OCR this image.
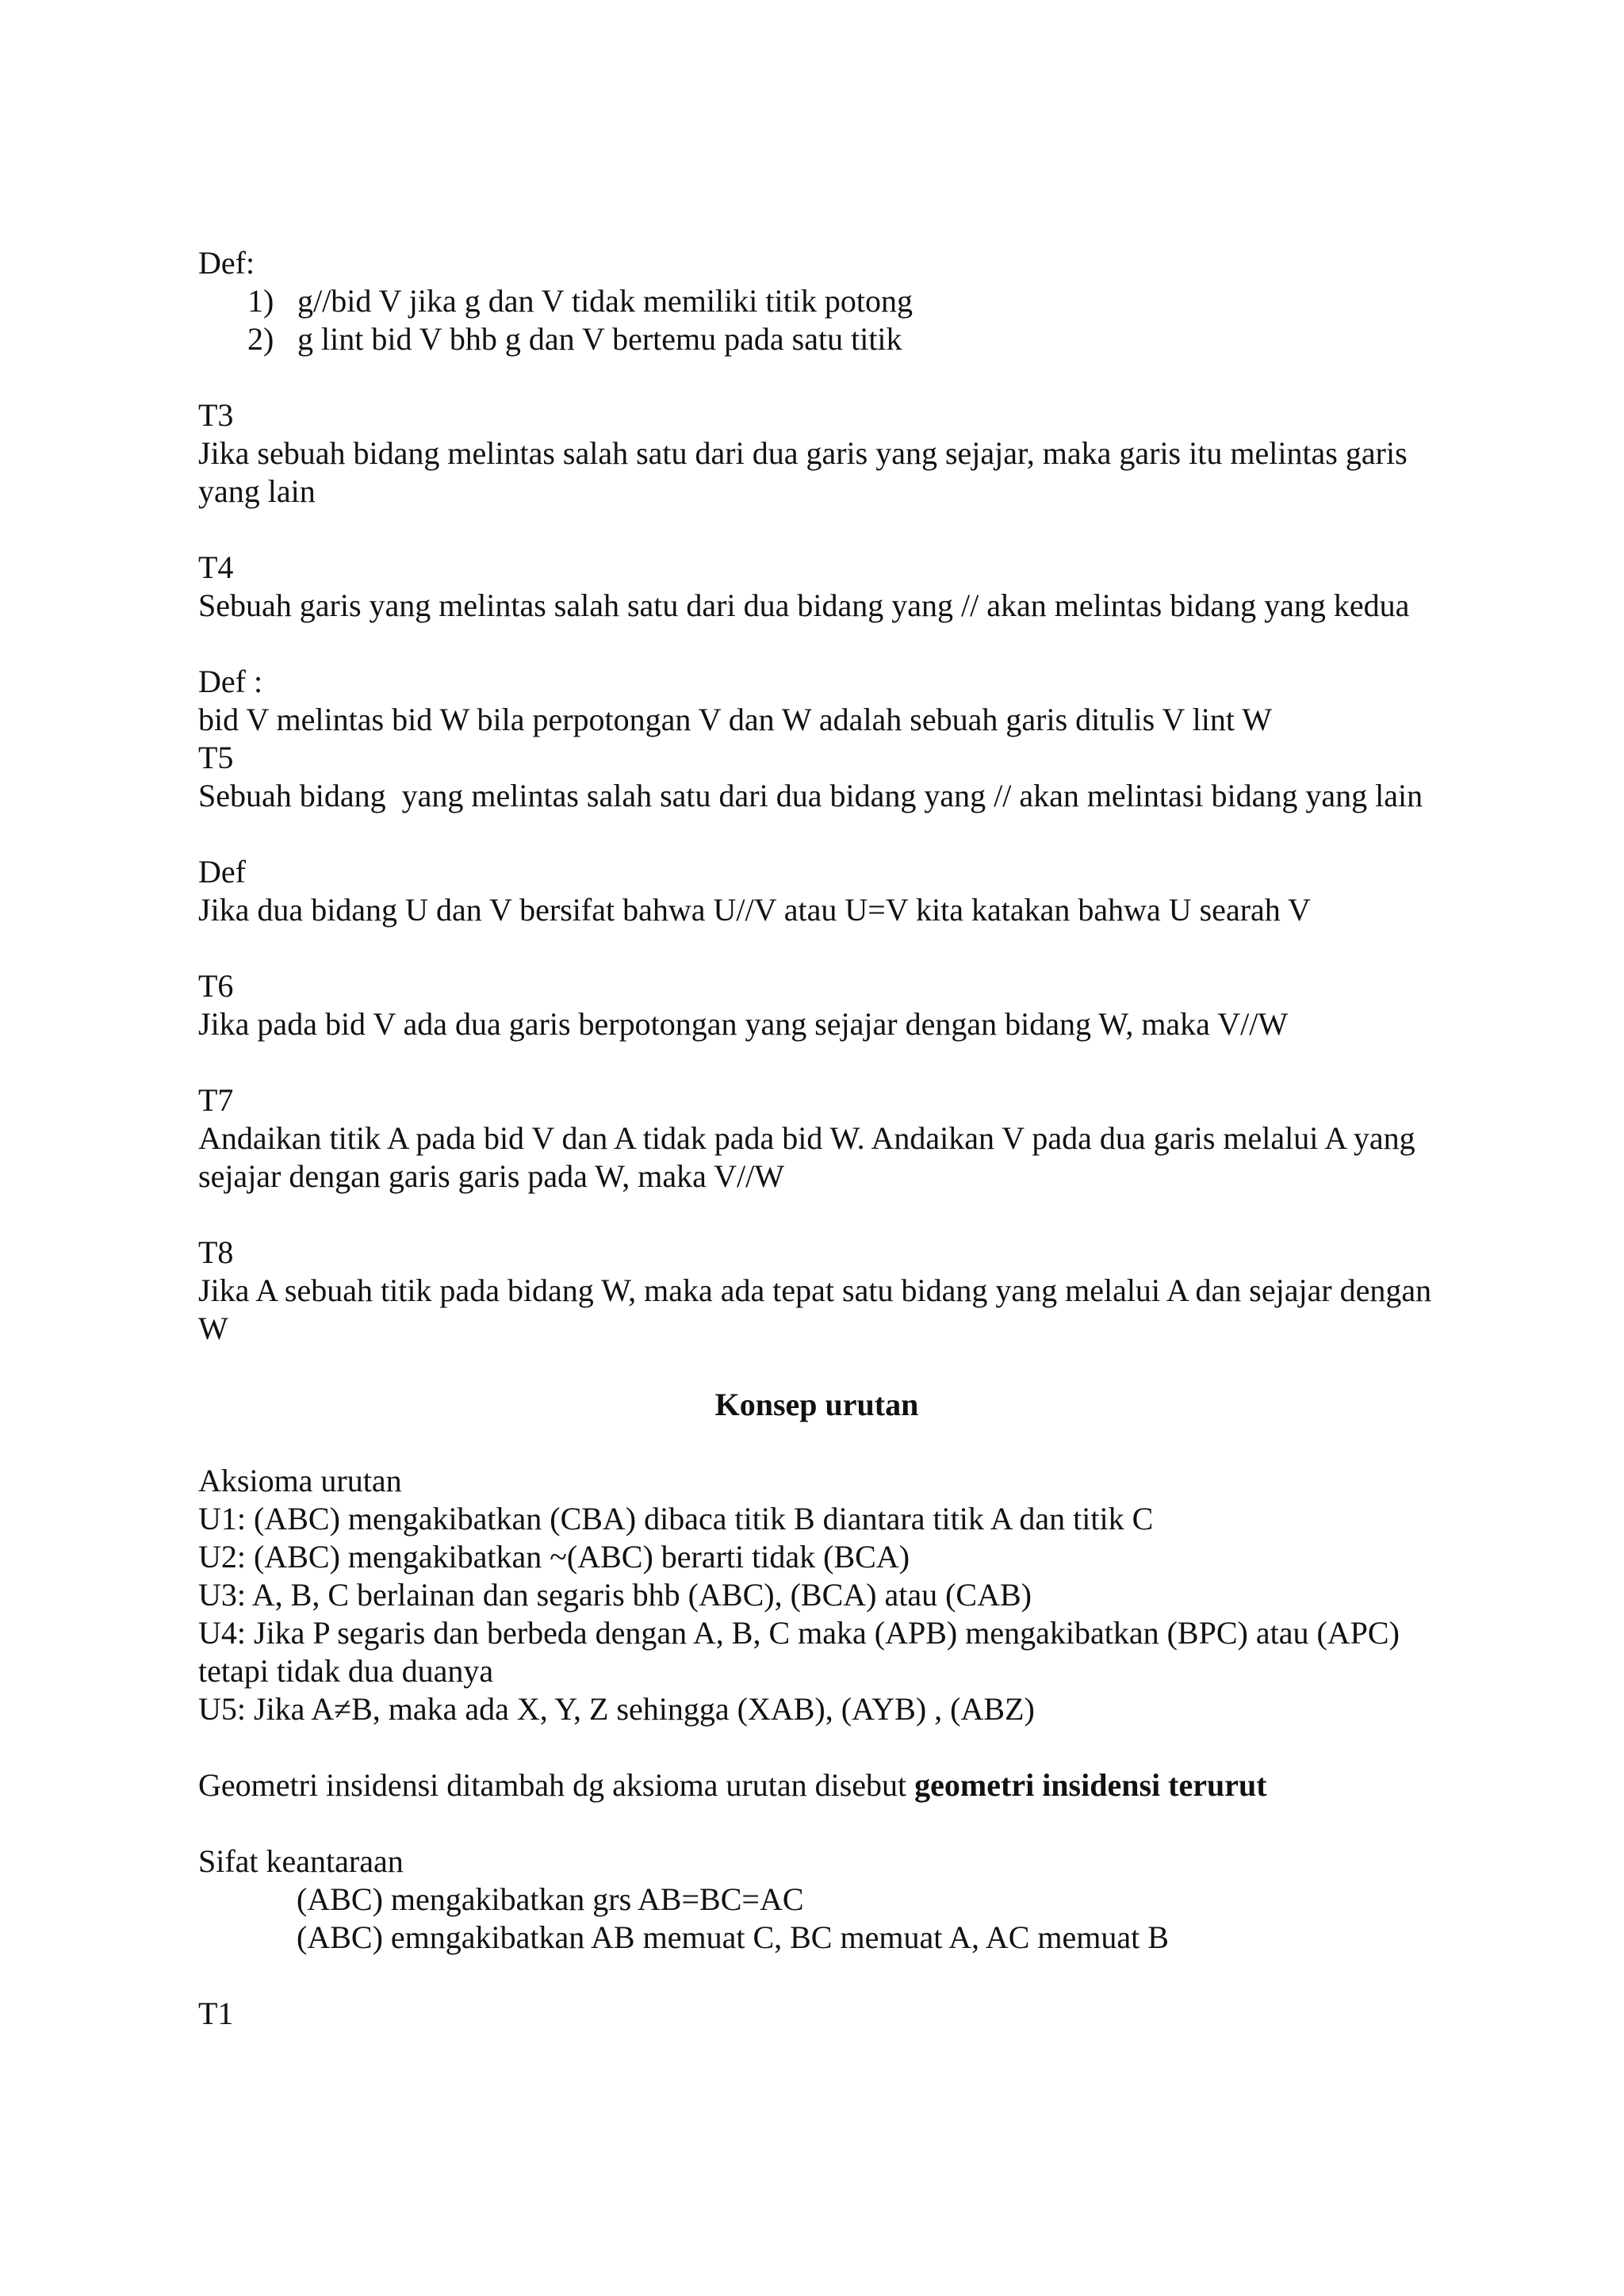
Def:

1) g//bid V jika g dan V tidak memiliki titik potong

2) g lint bid V bhb g dan V bertemu pada satu titik

T3

Jika sebuah bidang melintas salah satu dari dua garis yang sejajar, maka garis itu melintas garis yang lain

T4

Sebuah garis yang melintas salah satu dari dua bidang yang // akan melintas bidang yang kedua

Def :

bid V melintas bid W bila perpotongan V dan W adalah sebuah garis ditulis V lint W

T5

Sebuah bidang  yang melintas salah satu dari dua bidang yang // akan melintasi bidang yang lain

Def

Jika dua bidang U dan V bersifat bahwa U//V atau U=V kita katakan bahwa U searah V

T6

Jika pada bid V ada dua garis berpotongan yang sejajar dengan bidang W, maka V//W

T7

Andaikan titik A pada bid V dan A tidak pada bid W. Andaikan V pada dua garis melalui A yang sejajar dengan garis garis pada W, maka V//W

T8

Jika A sebuah titik pada bidang W, maka ada tepat satu bidang yang melalui A dan sejajar dengan W

Konsep urutan

Aksioma urutan

U1: (ABC) mengakibatkan (CBA) dibaca titik B diantara titik A dan titik C

U2: (ABC) mengakibatkan ~(ABC) berarti tidak (BCA)

U3: A, B, C berlainan dan segaris bhb (ABC), (BCA) atau (CAB)

U4: Jika P segaris dan berbeda dengan A, B, C maka (APB) mengakibatkan (BPC) atau (APC) tetapi tidak dua duanya

U5: Jika A≠B, maka ada X, Y, Z sehingga (XAB), (AYB) , (ABZ)

Geometri insidensi ditambah dg aksioma urutan disebut geometri insidensi terurut

Sifat keantaraan

(ABC) mengakibatkan grs AB=BC=AC

(ABC) emngakibatkan AB memuat C, BC memuat A, AC memuat B

T1
